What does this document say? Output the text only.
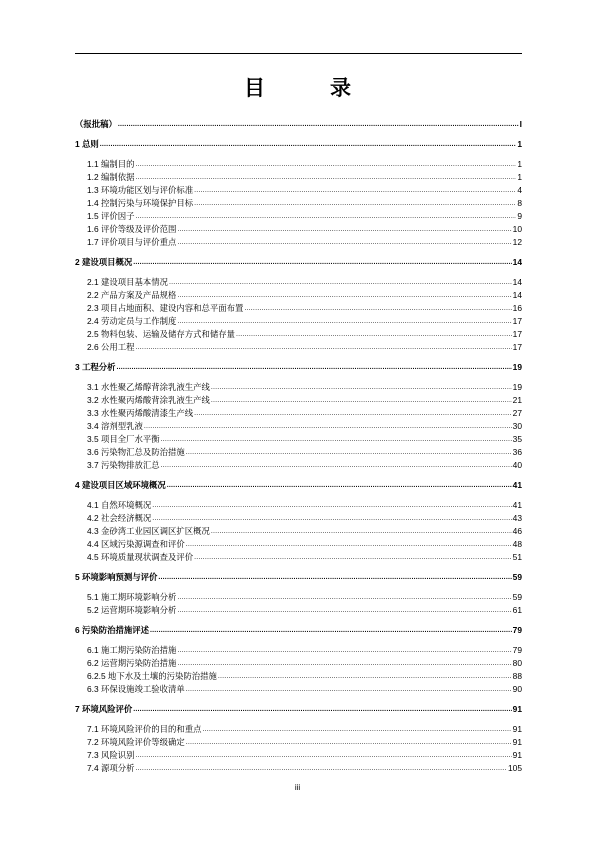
目　录
（报批稿） .....	I
1 总则 .....	1
1.1 编制目的 .....	1
1.2 编制依据 .....	1
1.3 环境功能区划与评价标准 .....	4
1.4 控制污染与环境保护目标 .....	8
1.5 评价因子 .....	9
1.6 评价等级及评价范围 .....	10
1.7 评价项目与评价重点 .....	12
2 建设项目概况 .....	14
2.1 建设项目基本情况 .....	14
2.2 产品方案及产品规格 .....	14
2.3 项目占地面积、建设内容和总平面布置 .....	16
2.4 劳动定员与工作制度 .....	17
2.5 物料包装、运输及储存方式和储存量 .....	17
2.6 公用工程 .....	17
3 工程分析 .....	19
3.1 水性聚乙烯醇背涂乳液生产线 .....	19
3.2 水性聚丙烯酸背涂乳液生产线 .....	21
3.3 水性聚丙烯酸清漆生产线 .....	27
3.4 溶剂型乳液 .....	30
3.5 项目全厂水平衡 .....	35
3.6 污染物汇总及防治措施 .....	36
3.7 污染物排放汇总 .....	40
4 建设项目区域环境概况 .....	41
4.1 自然环境概况 .....	41
4.2 社会经济概况 .....	43
4.3 金砂湾工业园区调区扩区概况 .....	46
4.4 区域污染源调查和评价 .....	48
4.5 环境质量现状调查及评价 .....	51
5 环境影响预测与评价 .....	59
5.1 施工期环境影响分析 .....	59
5.2 运营期环境影响分析 .....	61
6 污染防治措施评述 .....	79
6.1 施工期污染防治措施 .....	79
6.2 运营期污染防治措施 .....	80
6.2.5 地下水及土壤的污染防治措施 .....	88
6.3 环保设施竣工验收清单 .....	90
7 环境风险评价 .....	91
7.1 环境风险评价的目的和重点 .....	91
7.2 环境风险评价等级确定 .....	91
7.3 风险识别 .....	91
7.4 源项分析 .....	105
iii
